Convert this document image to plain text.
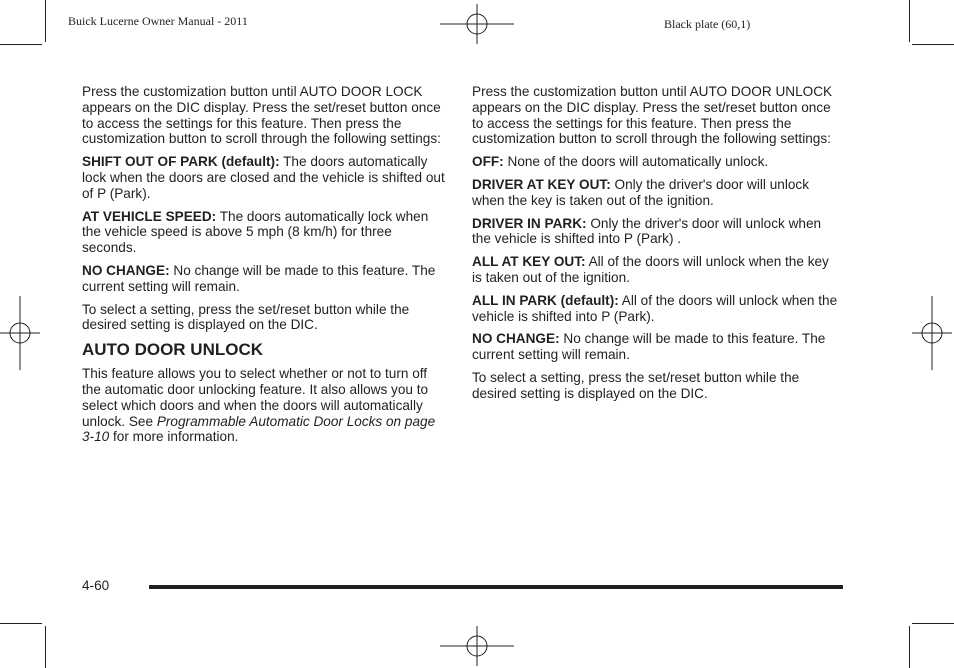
Buick Lucerne Owner Manual - 2011	Black plate (60,1)

Press the customization button until AUTO DOOR LOCK appears on the DIC display. Press the set/reset button once to access the settings for this feature. Then press the customization button to scroll through the following settings:

SHIFT OUT OF PARK (default): The doors automatically lock when the doors are closed and the vehicle is shifted out of P (Park).

AT VEHICLE SPEED: The doors automatically lock when the vehicle speed is above 5 mph (8 km/h) for three seconds.

NO CHANGE: No change will be made to this feature. The current setting will remain.

To select a setting, press the set/reset button while the desired setting is displayed on the DIC.

AUTO DOOR UNLOCK

This feature allows you to select whether or not to turn off the automatic door unlocking feature. It also allows you to select which doors and when the doors will automatically unlock. See Programmable Automatic Door Locks on page 3-10 for more information.

Press the customization button until AUTO DOOR UNLOCK appears on the DIC display. Press the set/reset button once to access the settings for this feature. Then press the customization button to scroll through the following settings:

OFF: None of the doors will automatically unlock.

DRIVER AT KEY OUT: Only the driver's door will unlock when the key is taken out of the ignition.

DRIVER IN PARK: Only the driver's door will unlock when the vehicle is shifted into P (Park) .

ALL AT KEY OUT: All of the doors will unlock when the key is taken out of the ignition.

ALL IN PARK (default): All of the doors will unlock when the vehicle is shifted into P (Park).

NO CHANGE: No change will be made to this feature. The current setting will remain.

To select a setting, press the set/reset button while the desired setting is displayed on the DIC.

4-60
